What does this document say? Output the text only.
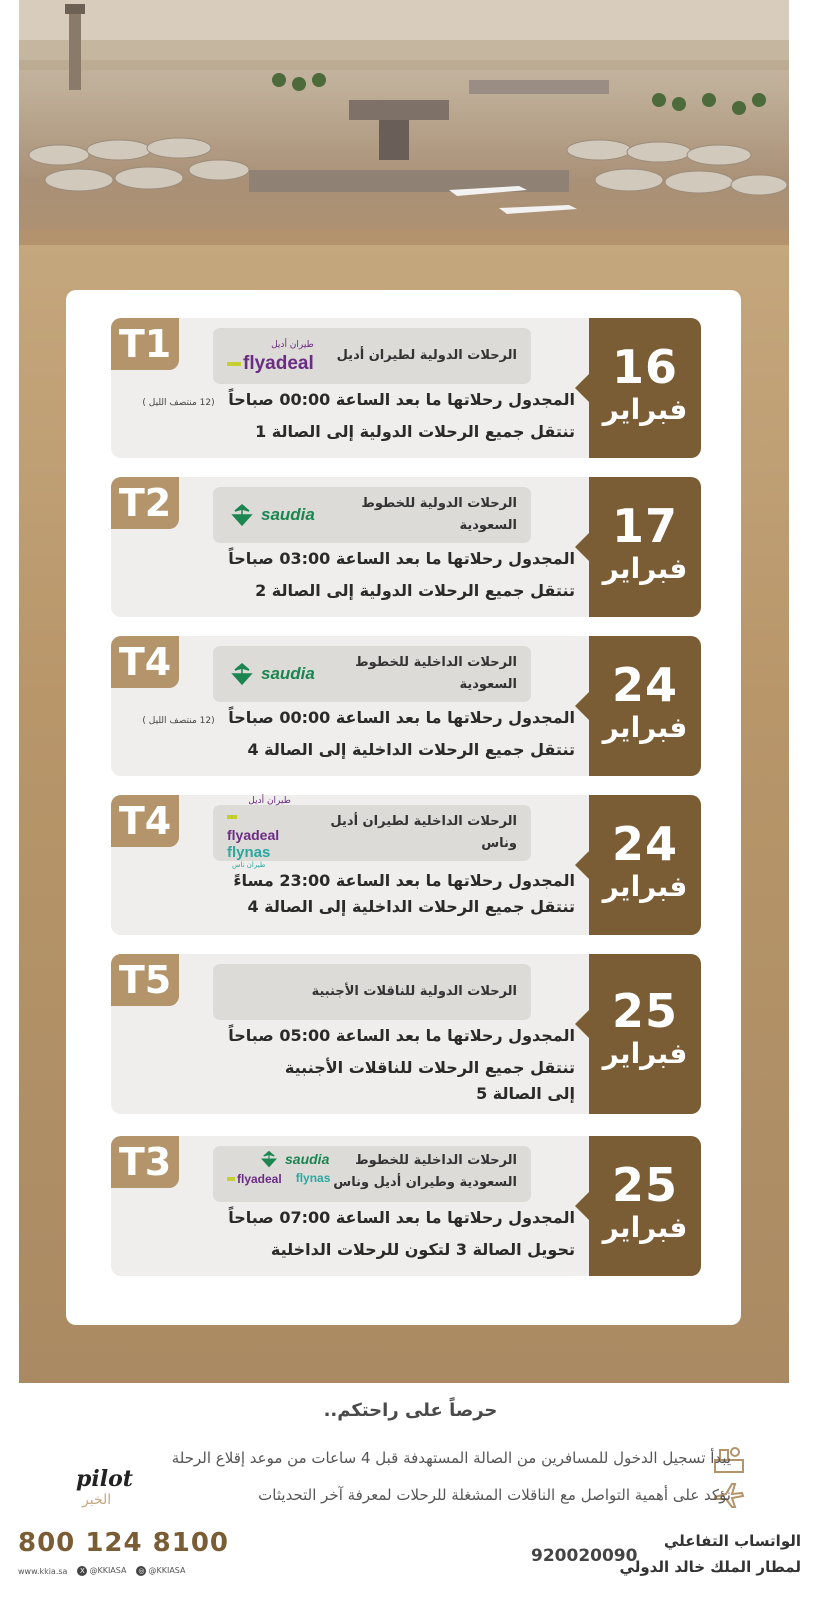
T1	طيران أديل
flyadeal الرحلات الدولية لطيران أديل
المجدول رحلاتها ما بعد الساعة 00:00 صباحاً (12 منتصف الليل )
تنتقل جميع الرحلات الدولية إلى الصالة 1
16
فبراير
T2	saudia
الرحلات الدولية للخطوط السعودية
المجدول رحلاتها ما بعد الساعة 03:00 صباحاً
تنتقل جميع الرحلات الدولية إلى الصالة 2
17
فبراير
T4	saudia
الرحلات الداخلية للخطوط السعودية
المجدول رحلاتها ما بعد الساعة 00:00 صباحاً (12 منتصف الليل )
تنتقل جميع الرحلات الداخلية إلى الصالة 4
24
فبراير
T4	طيران أديل
flyadeal
flynas
طيران ناس
الرحلات الداخلية لطيران أديل وناس
المجدول رحلاتها ما بعد الساعة 23:00 مساءً
تنتقل جميع الرحلات الداخلية إلى الصالة 4
24
فبراير
T5	الرحلات الدولية للناقلات الأجنبية
المجدول رحلاتها ما بعد الساعة 05:00 صباحاً
تنتقل جميع الرحلات للناقلات الأجنبية
إلى الصالة 5
25
فبراير
T3	saudia
flyadeal flynas
الرحلات الداخلية للخطوط
السعودية وطيران أديل وناس
المجدول رحلاتها ما بعد الساعة 07:00 صباحاً
تحويل الصالة 3 لتكون للرحلات الداخلية
25
فبراير
حرصاً على راحتكم..
يبدأ تسجيل الدخول للمسافرين من الصالة المستهدفة قبل 4 ساعات من موعد إقلاع الرحلة
نؤكد على أهمية التواصل مع الناقلات المشغلة للرحلات لمعرفة آخر التحديثات
pilot
الخبر
800 124 8100
www.kkia.sa	X @KKIASA ◎ @KKIASA
920020090
الواتساب التفاعلي
لمطار الملك خالد الدولي
